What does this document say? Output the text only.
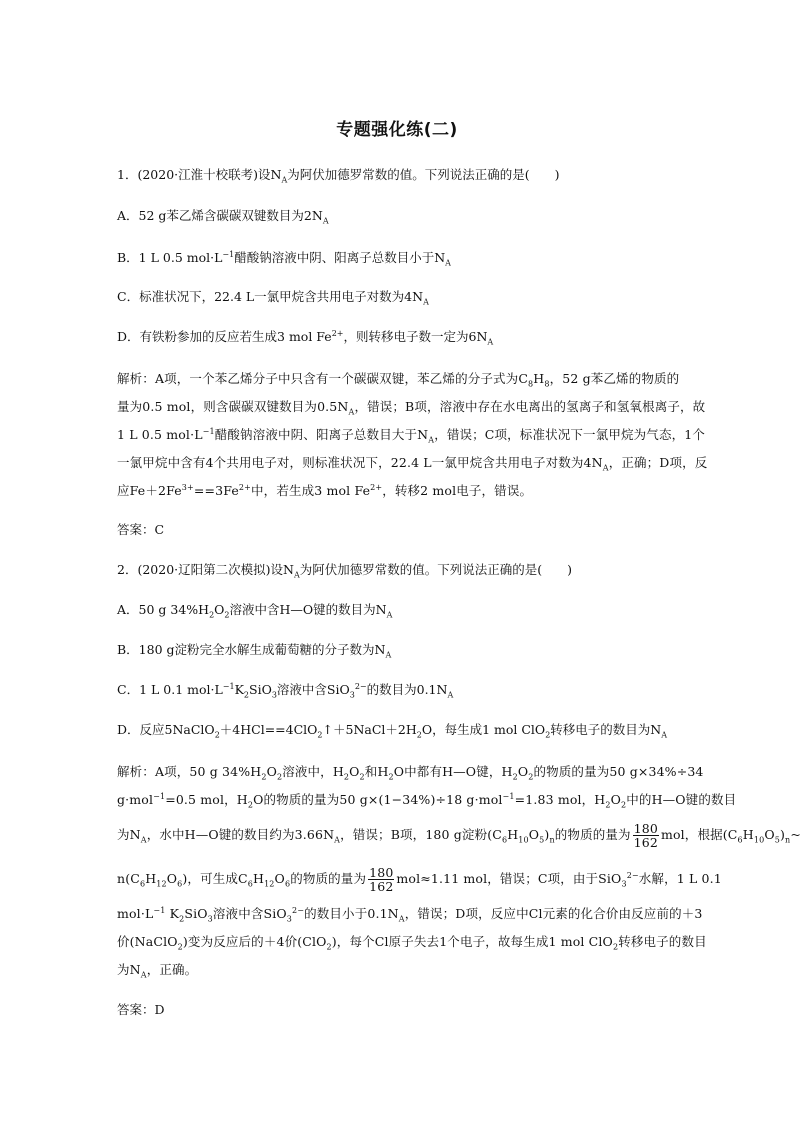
专题强化练(二)
1．(2020·江淮十校联考)设$N_A$为阿伏加德罗常数的值。下列说法正确的是(　　)
A．52 g苯乙烯含碳碳双键数目为$2N_A$
B．1 L 0.5 $mol\cdot L^{-1}$醋酸钠溶液中阴、阳离子总数目小于$N_A$
C．标准状况下，22.4 L一氯甲烷含共用电子对数为$4N_A$
D．有铁粉参加的反应若生成3 mol $Fe^{2+}$，则转移电子数一定为$6N_A$
解析：A项，一个苯乙烯分子中只含有一个碳碳双键，苯乙烯的分子式为$C_8H_8$，52 g苯乙烯的物质的
量为0.5 mol，则含碳碳双键数目为$0.5N_A$，错误；B项，溶液中存在水电离出的氢离子和氢氧根离子，故
1 L 0.5 $mol\cdot L^{-1}$醋酸钠溶液中阴、阳离子总数目大于$N_A$，错误；C项，标准状况下一氯甲烷为气态，1个
一氯甲烷中含有4个共用电子对，则标准状况下，22.4 L一氯甲烷含共用电子对数为$4N_A$，正确；D项，反
应$Fe+2Fe^{3+}==3Fe^{2+}$中，若生成3 mol $Fe^{2+}$，转移2 mol电子，错误。
答案：C
2．(2020·辽阳第二次模拟)设$N_A$为阿伏加德罗常数的值。下列说法正确的是(　　)
A．50 g $34\%H_2O_2$溶液中含H—O键的数目为$N_A$
B．180 g淀粉完全水解生成葡萄糖的分子数为$N_A$
C．1 L 0.1 $mol\cdot L^{-1}K_2SiO_3$溶液中含SiO$_3^{2-}$的数目为$0.1N_A$
D．反应$5NaClO_2+4HCl==4ClO_2↑+5NaCl+2H_2O$，每生成1 mol ClO$_2$转移电子的数目为$N_A$
解析：A项，50 g $34\%H_2O_2$溶液中，$H_2O_2$和$H_2O$中都有H—O键，$H_2O_2$的物质的量为50 g×34%÷34
g·mol$^{-1}$=0.5 mol，$H_2O$的物质的量为50 g×(1−34%)÷18 g·mol$^{-1}$=1.83 mol，$H_2O_2$中的H—O键的数目
为$N_A$，水中H—O键的数目约为$3.66N_A$，错误；B项，180 g淀粉$(C_6H_{10}O_5)_n$的物质的量为 $\frac{180}{162}$ mol，根据$(C_6H_{10}O_5)_n\sim$
$n(C_6H_{12}O_6)$，可生成$C_6H_{12}O_6$的物质的量为 $\frac{180}{162} mol\approx 1.11$ mol，错误；C项，由于SiO$_3^{2-}$水解，1 L 0.1
$mol\cdot L^{-1}$ $K_2SiO_3$溶液中含SiO$_3^{2-}$的数目小于$0.1N_A$，错误；D项，反应中Cl元素的化合价由反应前的＋3
价(NaClO$_2$)变为反应后的＋4价(ClO$_2$)，每个Cl原子失去1个电子，故每生成1 mol ClO$_2$转移电子的数目
为$N_A$，正确。
答案：D
